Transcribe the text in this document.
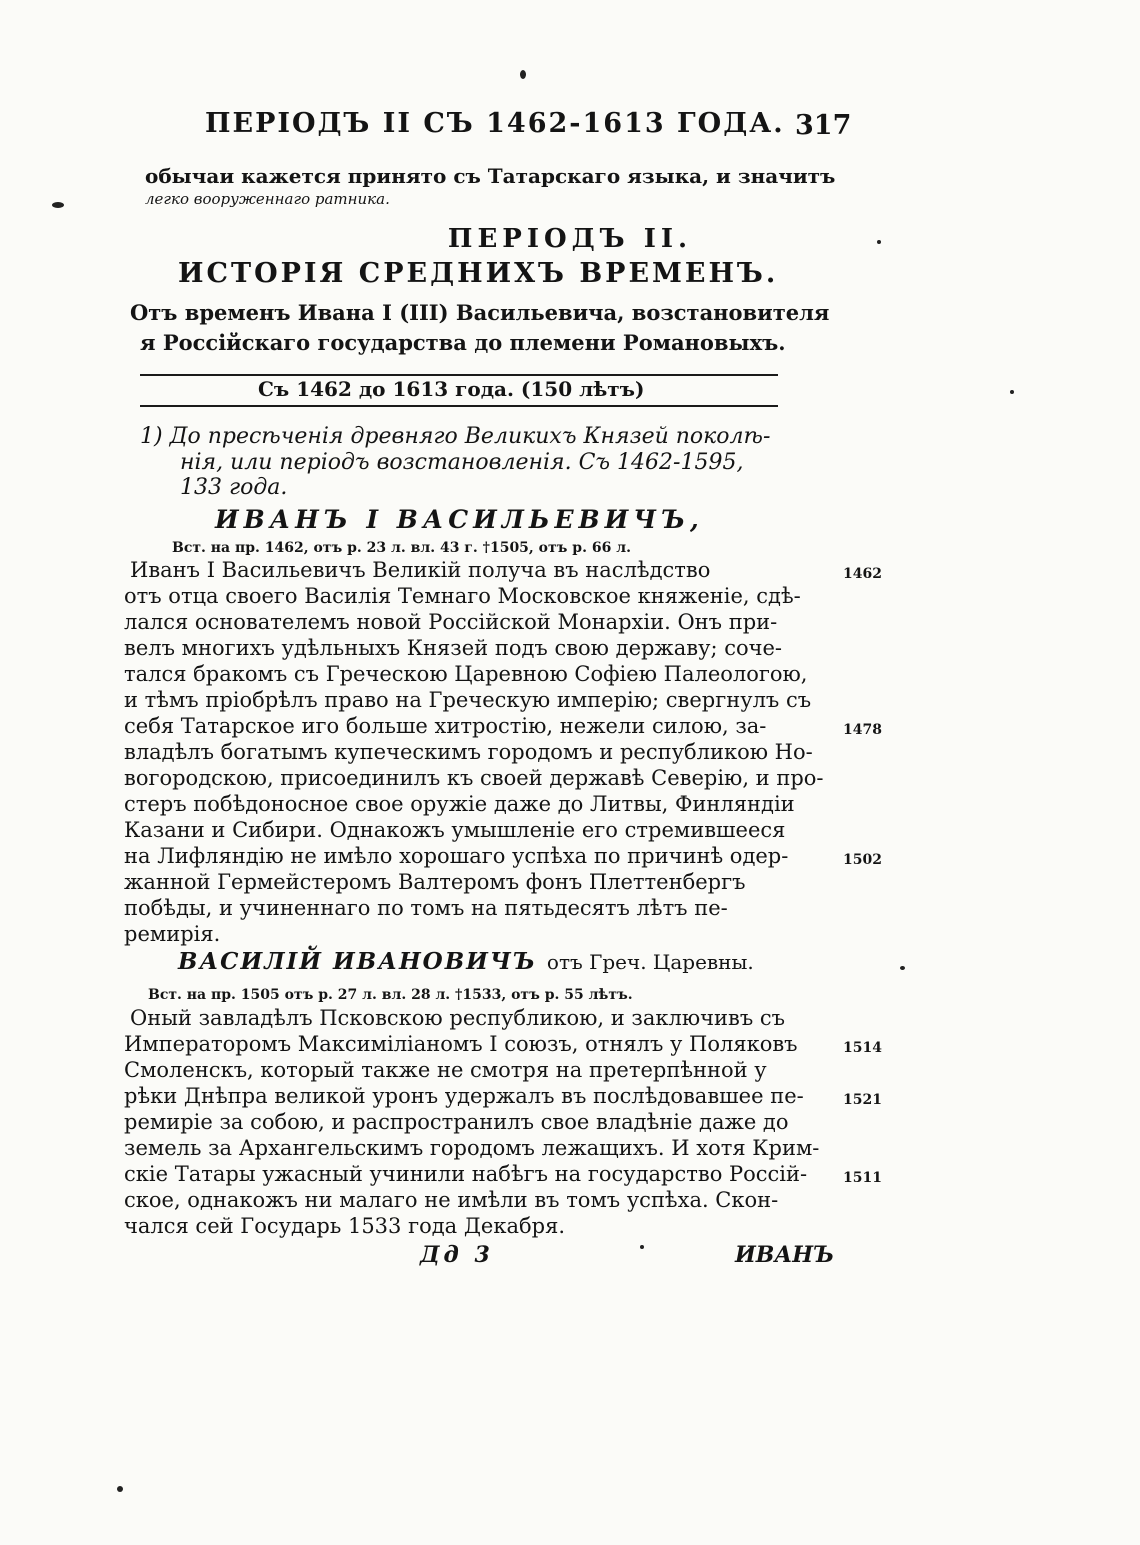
ПЕРІОДЪ II СЪ 1462-1613 ГОДА. 317
обычаи кажется принято съ Татарскаго языка, и значитъ
легко вооруженнаго ратника.
ПЕРІОДЪ II.
ИСТОРІЯ СРЕДНИХЪ ВРЕМЕНЪ.
Отъ временъ Ивана I (III) Васильевича, возстановителя
я Россійскаго государства до племени Романовыхъ.
Съ 1462 до 1613 года. (150 лѣтъ)
1) До пресѣченія древняго Великихъ Князей поколѣ-
нія, или періодъ возстановленія. Съ 1462-1595,
133 года.
ИВАНЪ I ВАСИЛЬЕВИЧЪ,
Вст. на пр. 1462, отъ р. 23 л. вл. 43 г. †1505, отъ р. 66 л.
Иванъ I Васильевичъ Великій получа въ наслѣдство
отъ отца своего Василія Темнаго Московское княженіе, сдѣ-
лался основателемъ новой Россійской Монархіи. Онъ при-
велъ многихъ удѣльныхъ Князей подъ свою державу; соче-
тался бракомъ съ Греческою Царевною Софіею Палеологою,
и тѣмъ пріобрѣлъ право на Греческую имперію; свергнулъ съ
себя Татарское иго больше хитростію, нежели силою, за-
владѣлъ богатымъ купеческимъ городомъ и республикою Но-
вогородскою, присоединилъ къ своей державѣ Северію, и про-
стеръ побѣдоносное свое оружіе даже до Литвы, Финляндіи
Казани и Сибири. Однакожъ умышленіе его стремившееся
на Лифляндію не имѣло хорошаго успѣха по причинѣ одер-
жанной Гермейстеромъ Валтеромъ фонъ Плеттенбергъ
побѣды, и учиненнаго по томъ на пятьдесятъ лѣтъ пе-
ремирія.
1462
1478
1502
ВАСИЛІЙ ИВАНОВИЧЪ отъ Греч. Царевны.
Вст. на пр. 1505 отъ р. 27 л. вл. 28 л. †1533, отъ р. 55 лѣтъ.
Оный завладѣлъ Псковскою республикою, и заключивъ съ
Императоромъ Максиміліаномъ I союзъ, отнялъ у Поляковъ
Смоленскъ, который также не смотря на претерпѣнной у
рѣки Днѣпра великой уронъ удержалъ въ послѣдовавшее пе-
ремиріе за собою, и распространилъ свое владѣніе даже до
земель за Архангельскимъ городомъ лежащихъ. И хотя Крим-
скіе Татары ужасный учинили набѣгъ на государство Россій-
ское, однакожъ ни малаго не имѣли въ томъ успѣха. Скон-
чался сей Государь 1533 года Декабря.
1514
1521
1511
Дд 3	ИВАНЪ
